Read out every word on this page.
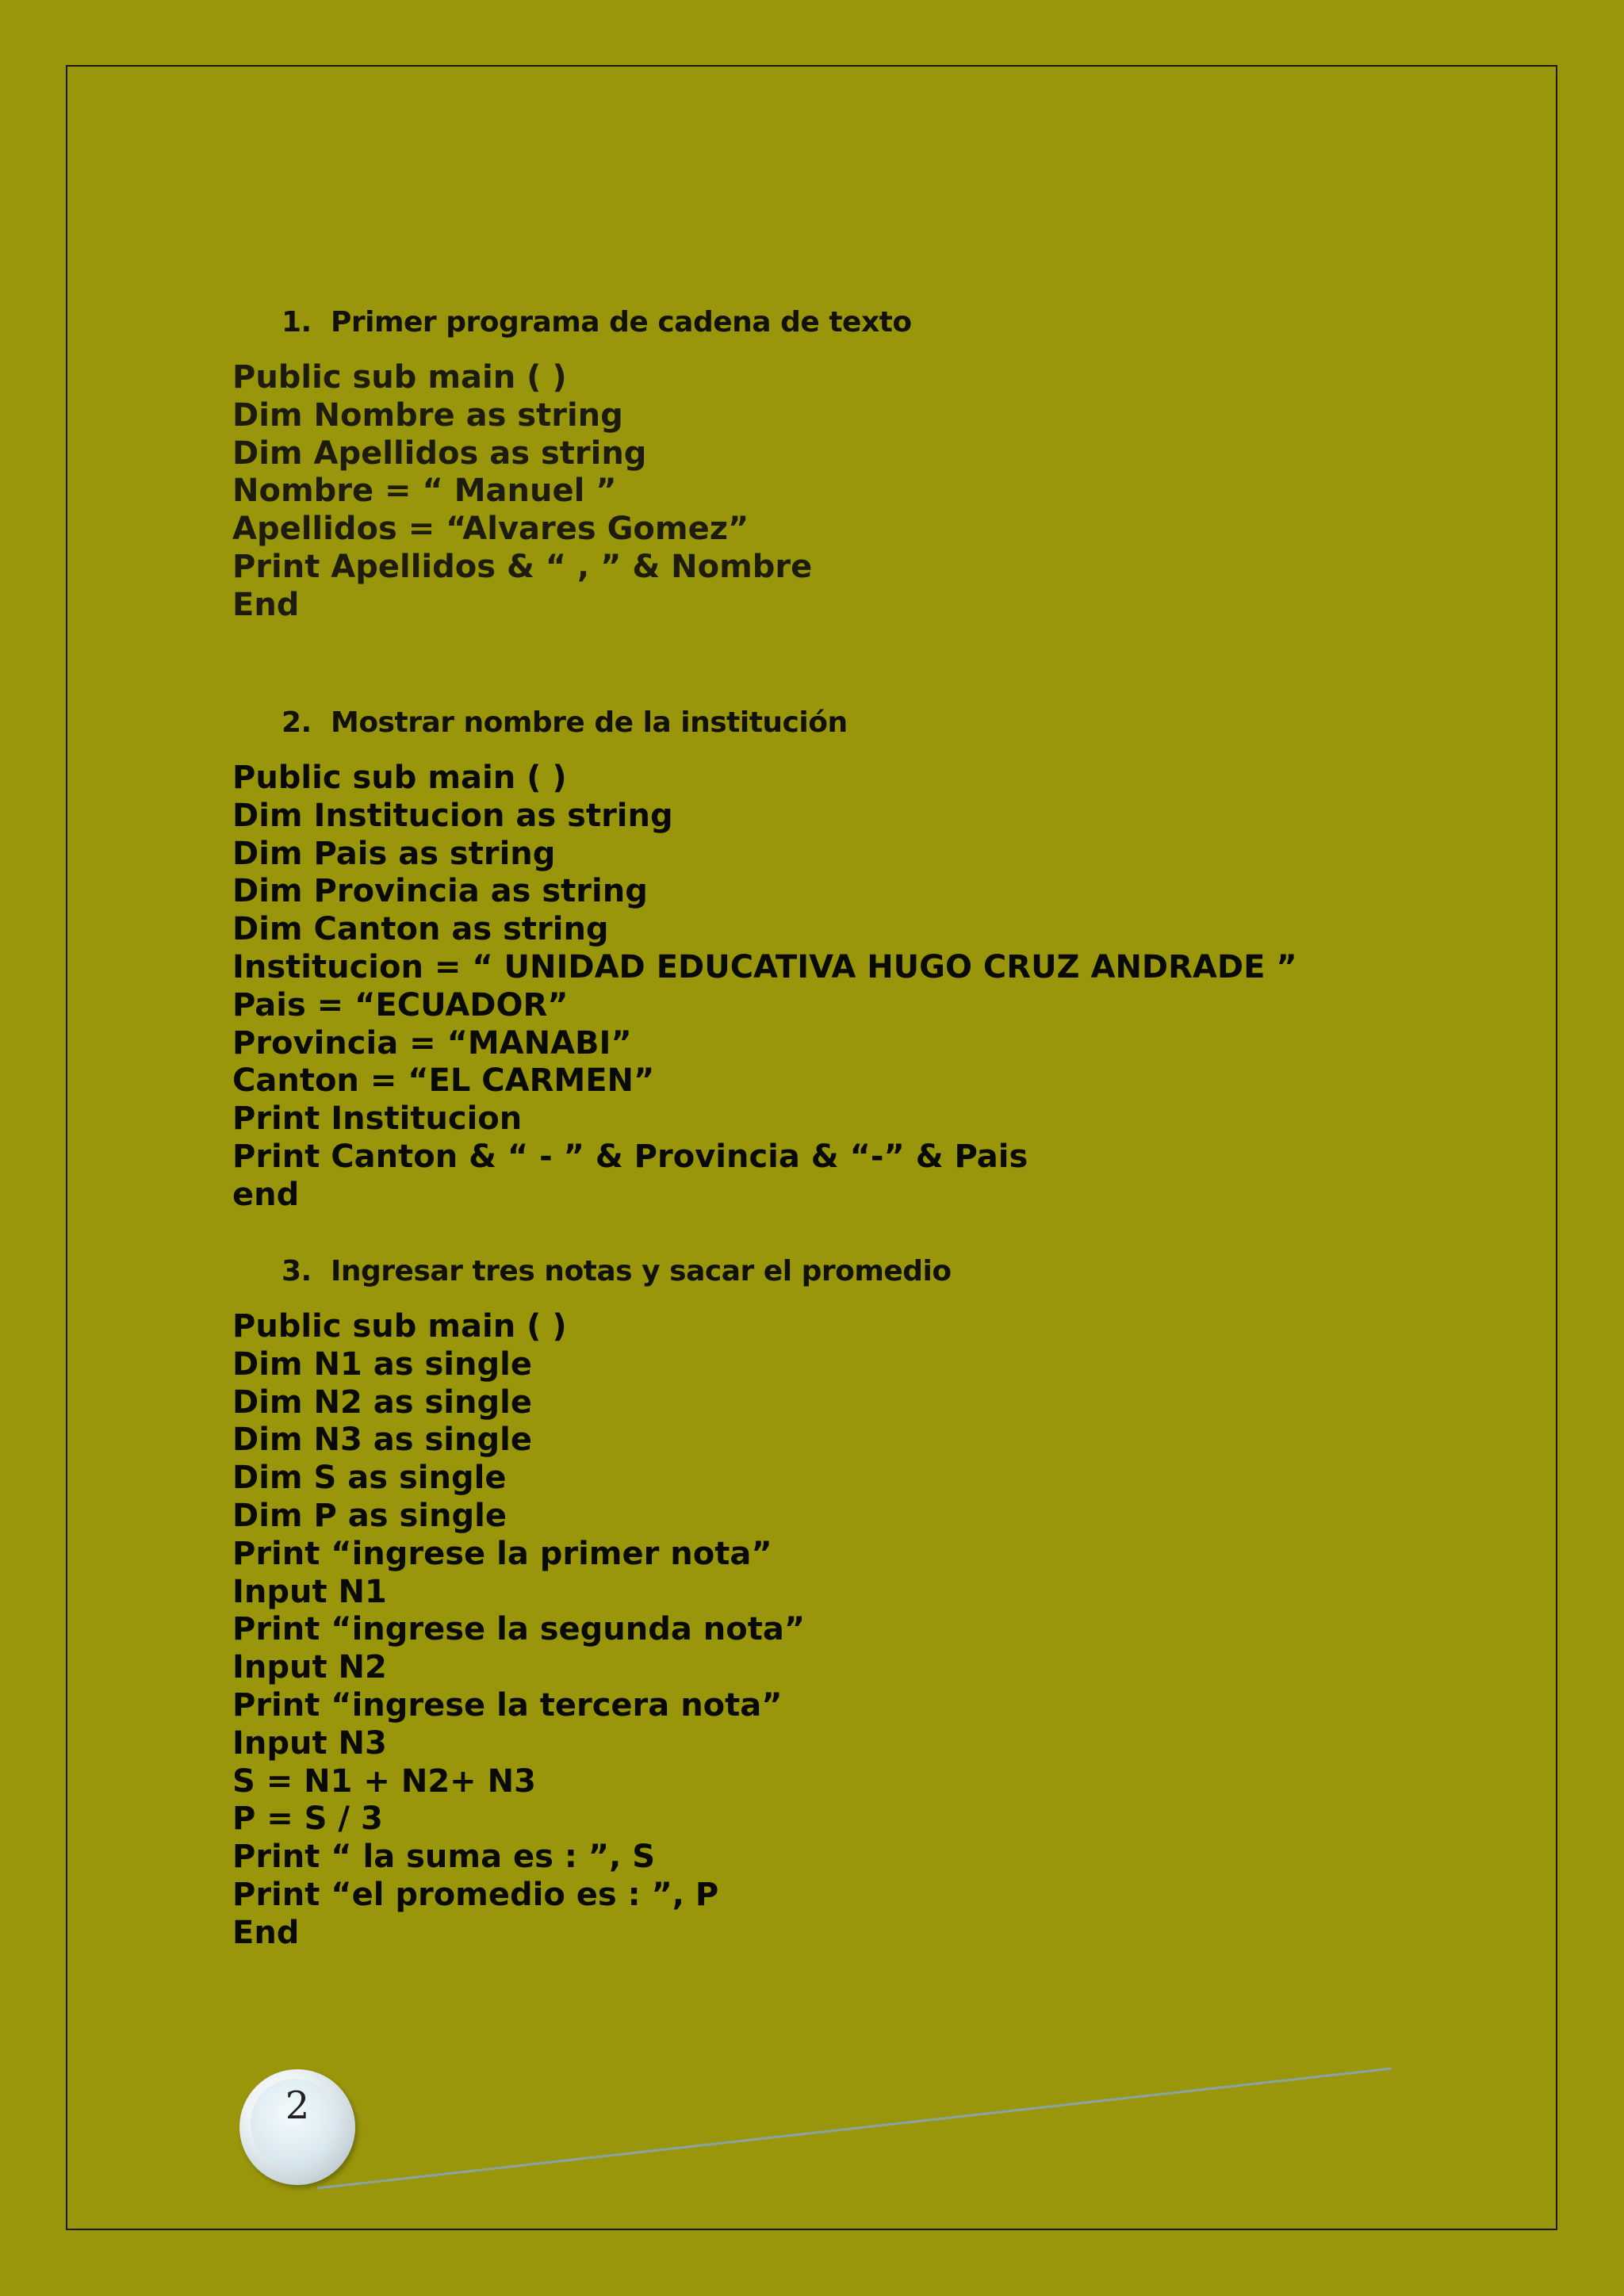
1. Primer programa de cadena de texto
Public sub main ( )
Dim Nombre as string
Dim Apellidos as string
Nombre = “ Manuel ”
Apellidos = “Alvares Gomez”
Print Apellidos & “ , ” & Nombre
End
2. Mostrar nombre de la institución
Public sub main ( )
Dim Institucion as string
Dim Pais as string
Dim Provincia as string
Dim Canton as string
Institucion = “ UNIDAD EDUCATIVA HUGO CRUZ ANDRADE ”
Pais = “ECUADOR”
Provincia = “MANABI”
Canton = “EL CARMEN”
Print Institucion
Print Canton & “ - ” & Provincia & “-” & Pais
end
3. Ingresar tres notas y sacar el promedio
Public sub main ( )
Dim N1 as single
Dim N2 as single
Dim N3 as single
Dim S as single
Dim P as single
Print “ingrese la primer nota”
Input N1
Print “ingrese la segunda nota”
Input N2
Print “ingrese la tercera nota”
Input N3
S = N1 + N2+ N3
P = S / 3
Print “ la suma es : ”, S
Print “el promedio es : ”, P
End
2
